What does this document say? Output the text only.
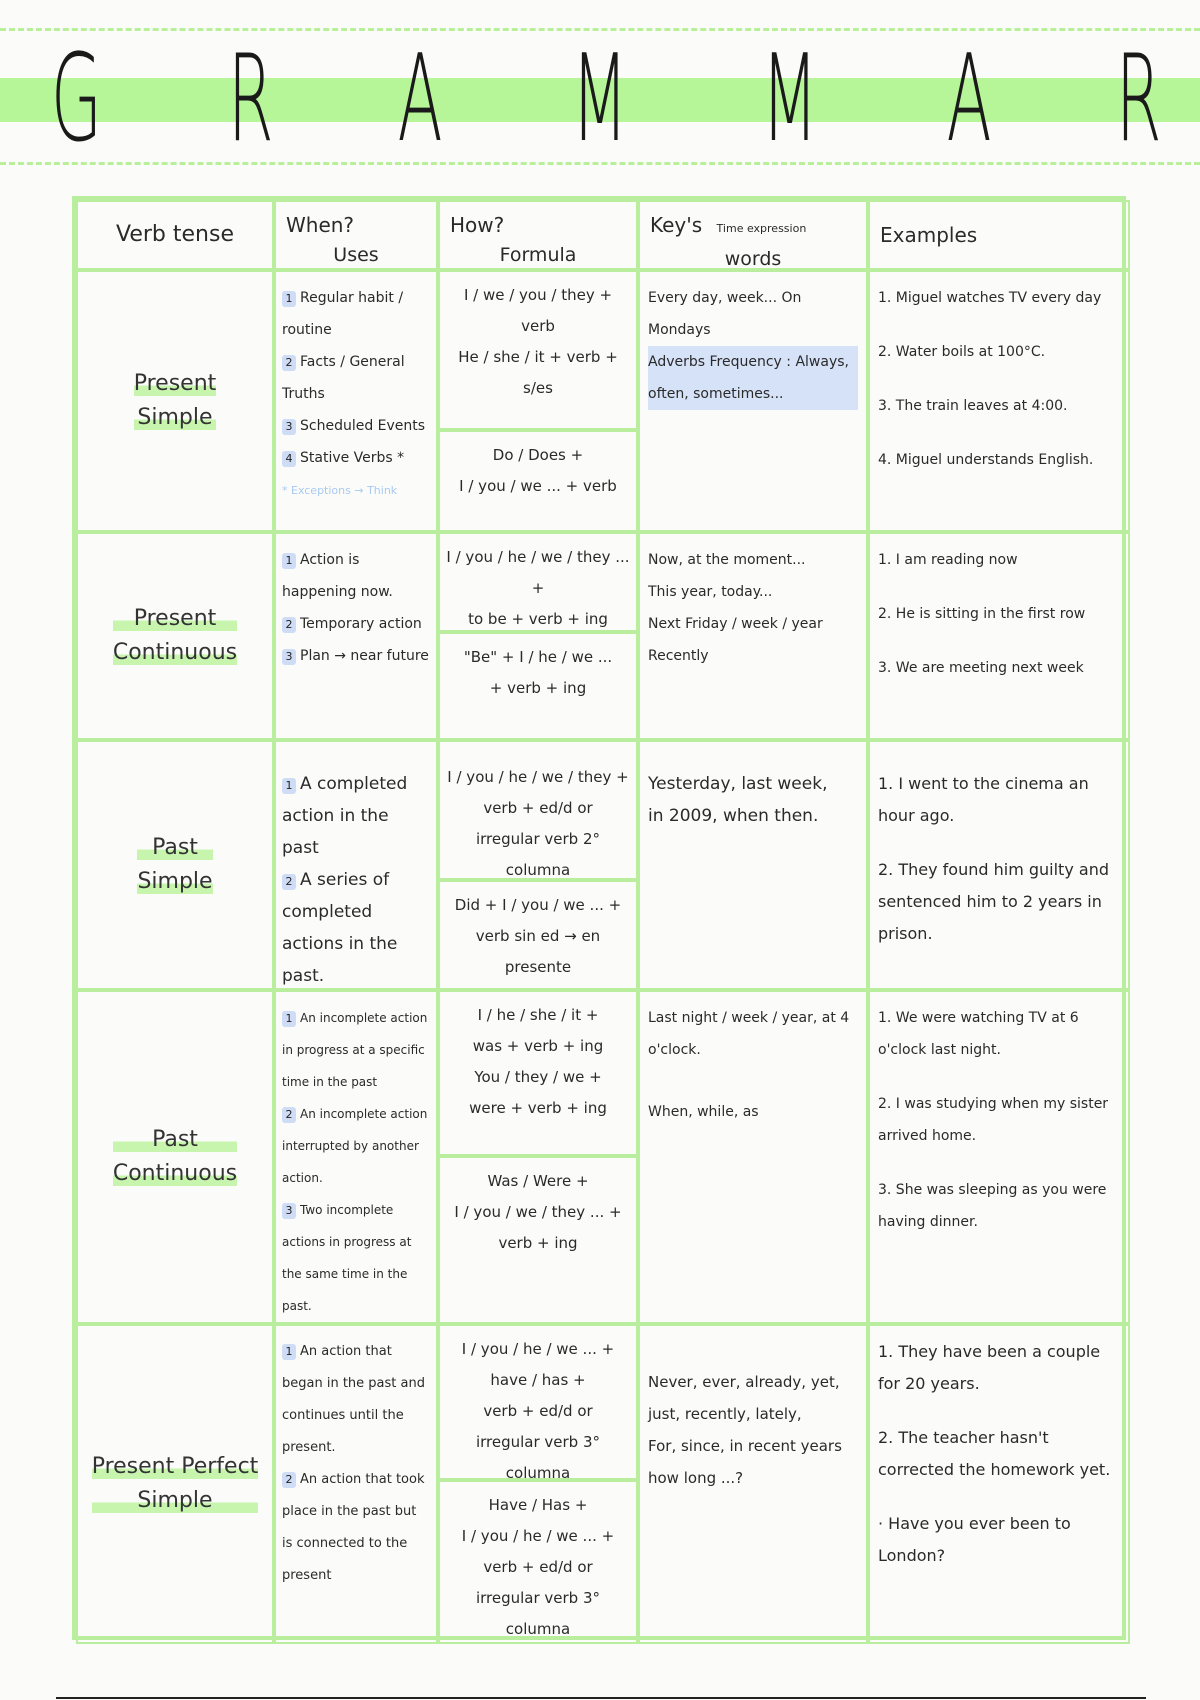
G R A M M A R
Verb tense	When?
Uses
How?
Formula
Key's Time expression
words
Examples
Present
Simple
1 Regular habit / routine
2 Facts / General Truths
3 Scheduled Events
4 Stative Verbs *
* Exceptions → Think
I / we / you / they + verb
He / she / it + verb + s/es
Do / Does +
I / you / we ... + verb
Every day, week... On Mondays
Adverbs Frequency : Always, often, sometimes...

1. Miguel watches TV every day

2. Water boils at 100°C.

3. The train leaves at 4:00.

4. Miguel understands English.

Present
Continuous
1 Action is happening now.
2 Temporary action
3 Plan → near future
I / you / he / we / they ... +
to be + verb + ing
"Be" + I / he / we ...
+ verb + ing
Now, at the moment...
This year, today...
Next Friday / week / year
Recently

1. I am reading now

2. He is sitting in the first row

3. We are meeting next week

Past
Simple
1 A completed action in the past
2 A series of completed actions in the past.
I / you / he / we / they +
verb + ed/d or
irregular verb 2° columna
Did + I / you / we ... +
verb sin ed → en presente
Yesterday, last week,
in 2009, when then.

1. I went to the cinema an hour ago.

2. They found him guilty and sentenced him to 2 years in prison.

Past
Continuous
1 An incomplete action in progress at a specific time in the past
2 An incomplete action interrupted by another action.
3 Two incomplete actions in progress at the same time in the past.
I / he / she / it +
was + verb + ing
You / they / we +
were + verb + ing
Was / Were +
I / you / we / they ... +
verb + ing
Last night / week / year, at 4 o'clock.
When, while, as

1. We were watching TV at 6 o'clock last night.

2. I was studying when my sister arrived home.

3. She was sleeping as you were having dinner.

Present Perfect
Simple
1 An action that began in the past and continues until the present.
2 An action that took place in the past but is connected to the present
I / you / he / we ... +
have / has +
verb + ed/d or
irregular verb 3° columna
Have / Has +
I / you / he / we ... +
verb + ed/d or
irregular verb 3° columna
Never, ever, already, yet,
just, recently, lately,
For, since, in recent years
how long ...?

1. They have been a couple for 20 years.

2. The teacher hasn't corrected the homework yet.

· Have you ever been to London?
